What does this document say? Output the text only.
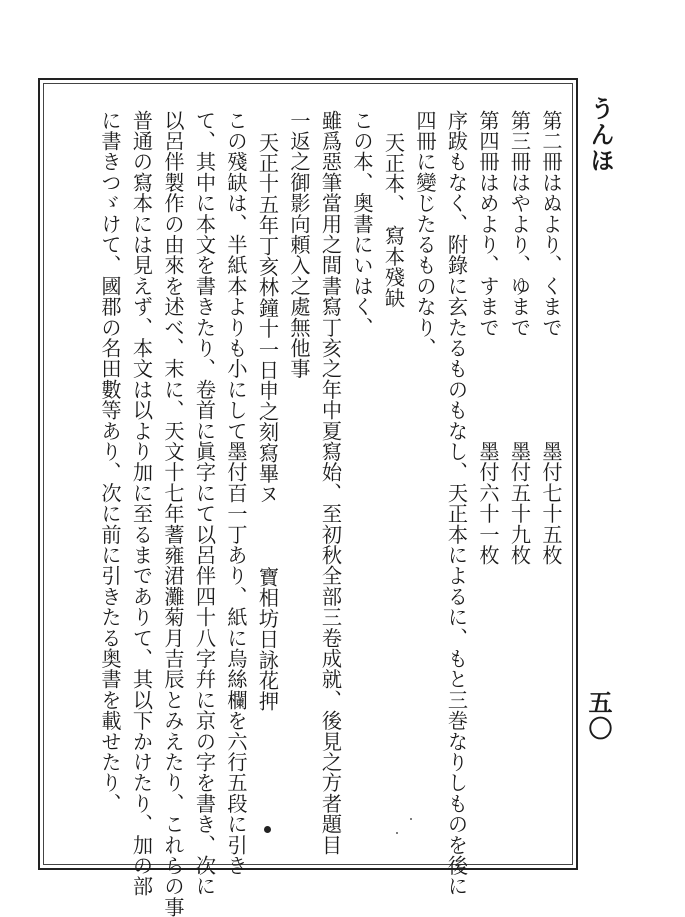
うんほ
五〇
第二冊はぬより、くまで　　　　　墨付七十五枚
第三冊はやより、ゆまで　　　　　墨付五十九枚
第四冊はめより、すまで　　　　　墨付六十一枚
序跋もなく、附錄に玄たるものもなし、天正本によるに、もと三巻なりしものを後に
四冊に變じたるものなり、
天正本、　寫本殘缺
この本、奥書にいはく、
雖爲惡筆當用之間書寫丁亥之年中夏寫始、至初秋全部三卷成就、後見之方者題目
一返之御影向頼入之處無他事
天正十五年丁亥林鐘十一日申之刻寫畢ヌ　　　寶相坊日詠花押
この殘缺は、半紙本よりも小にして墨付百一丁あり、紙に烏絲欄を六行五段に引き
て、其中に本文を書きたり、卷首に眞字にて以呂伴四十八字幷に京の字を書き、次に
以呂伴製作の由來を述べ、末に、天文十七年蓍雍涒灘菊月吉辰とみえたり、これらの事
普通の寫本には見えず、本文は以より加に至るまでありて、其以下かけたり、加の部
に書きつゞけて、國郡の名田數等あり、次に前に引きたる奥書を載せたり、
